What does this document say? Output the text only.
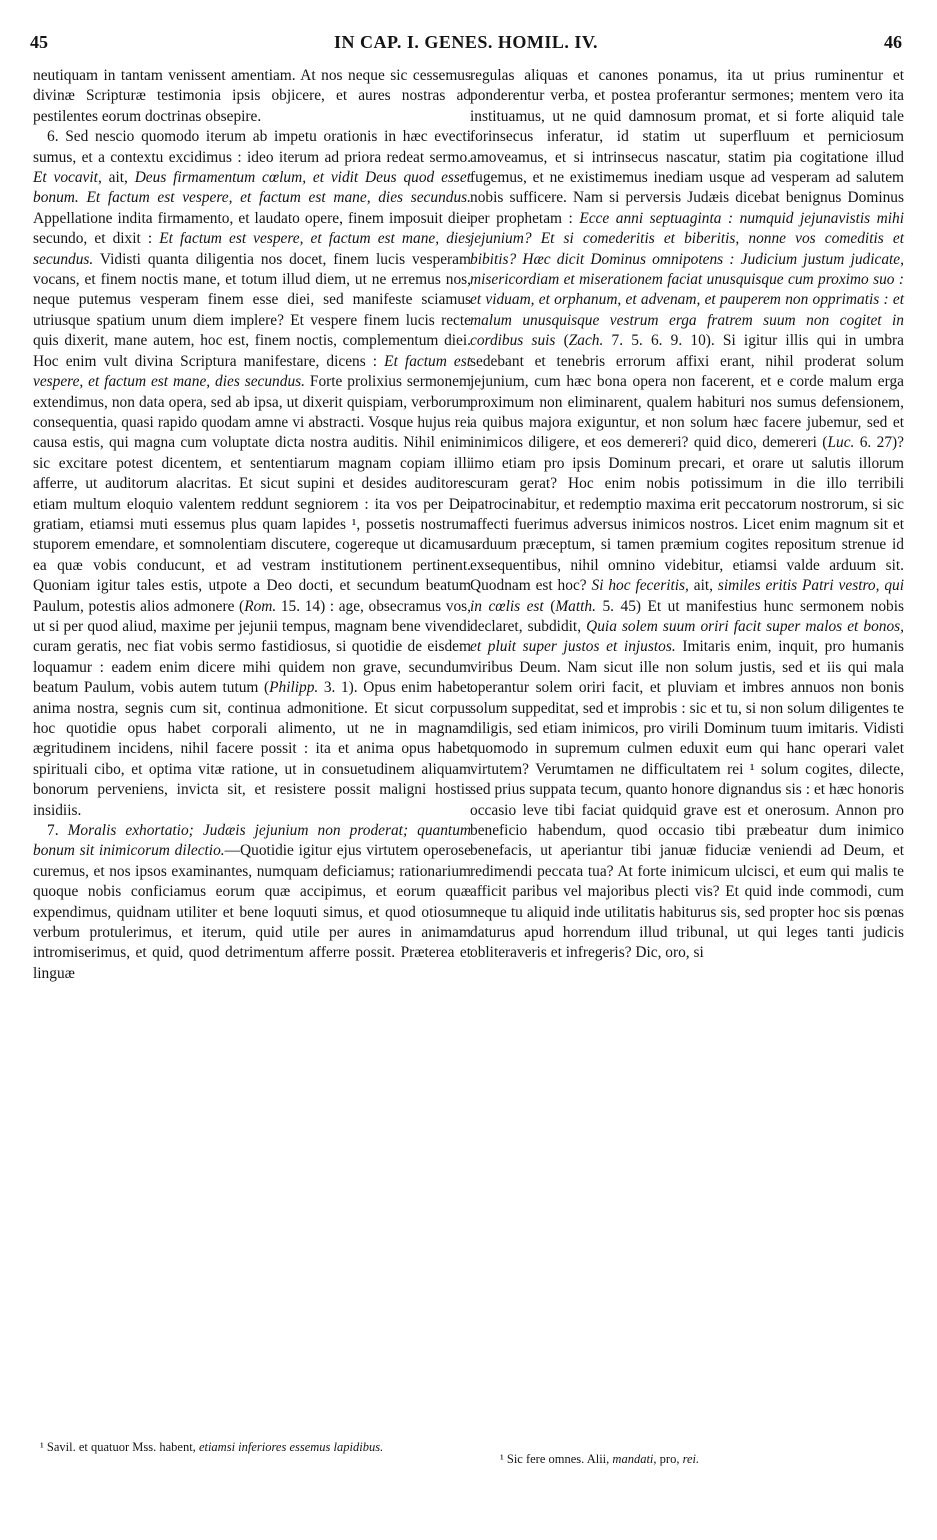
45	IN CAP. I. GENES. HOMIL. IV.	46

neutiquam in tantam venissent amentiam. At nos neque sic cessemus divinæ Scripturæ testimonia ipsis objicere, et aures nostras ad pestilentes eorum doctrinas obsepire.

6. Sed nescio quomodo iterum ab impetu orationis in hæc evecti sumus, et a contextu excidimus : ideo iterum ad priora redeat sermo. Et vocavit, ait, Deus firmamentum cœlum, et vidit Deus quod esset bonum. Et factum est vespere, et factum est mane, dies secundus. Appellatione indita firmamento, et laudato opere, finem imposuit diei secundo, et dixit : Et factum est vespere, et factum est mane, dies secundus. Vidisti quanta diligentia nos docet, finem lucis vesperam vocans, et finem noctis mane, et totum illud diem, ut ne erremus nos, neque putemus vesperam finem esse diei, sed manifeste sciamus utriusque spatium unum diem implere? Et vespere finem lucis recte quis dixerit, mane autem, hoc est, finem noctis, complementum diei. Hoc enim vult divina Scriptura manifestare, dicens : Et factum est vespere, et factum est mane, dies secundus. Forte prolixius sermonem extendimus, non data opera, sed ab ipsa, ut dixerit quispiam, verborum consequentia, quasi rapido quodam amne vi abstracti. Vosque hujus rei causa estis, qui magna cum voluptate dicta nostra auditis. Nihil enim sic excitare potest dicentem, et sententiarum magnam copiam illi afferre, ut auditorum alacritas. Et sicut supini et desides auditores etiam multum eloquio valentem reddunt segniorem : ita vos per Dei gratiam, etiamsi muti essemus plus quam lapides ¹, possetis nostrum stuporem emendare, et somnolentiam discutere, cogereque ut dicamus ea quæ vobis conducunt, et ad vestram institutionem pertinent. Quoniam igitur tales estis, utpote a Deo docti, et secundum beatum Paulum, potestis alios admonere (Rom. 15. 14) : age, obsecramus vos, ut si per quod aliud, maxime per jejunii tempus, magnam bene vivendi curam geratis, nec fiat vobis sermo fastidiosus, si quotidie de eisdem loquamur : eadem enim dicere mihi quidem non grave, secundum beatum Paulum, vobis autem tutum (Philipp. 3. 1). Opus enim habet anima nostra, segnis cum sit, continua admonitione. Et sicut corpus hoc quotidie opus habet corporali alimento, ut ne in magnam ægritudinem incidens, nihil facere possit : ita et anima opus habet spirituali cibo, et optima vitæ ratione, ut in consuetudinem aliquam bonorum perveniens, invicta sit, et resistere possit maligni hostis insidiis.

7. Moralis exhortatio; Judæis jejunium non proderat; quantum bonum sit inimicorum dilectio.—Quotidie igitur ejus virtutem operose curemus, et nos ipsos examinantes, numquam deficiamus; rationarium quoque nobis conficiamus eorum quæ accipimus, et eorum quæ expendimus, quidnam utiliter et bene loquuti simus, et quod otiosum verbum protulerimus, et iterum, quid utile per aures in animam intromiserimus, et quid, quod detrimentum afferre possit. Præterea et linguæ

regulas aliquas et canones ponamus, ita ut prius ruminentur et ponderentur verba, et postea proferantur sermones; mentem vero ita instituamus, ut ne quid damnosum promat, et si forte aliquid tale forinsecus inferatur, id statim ut superfluum et perniciosum amoveamus, et si intrinsecus nascatur, statim pia cogitatione illud fugemus, et ne existimemus inediam usque ad vesperam ad salutem nobis sufficere. Nam si perversis Judæis dicebat benignus Dominus per prophetam : Ecce anni septuaginta : numquid jejunavistis mihi jejunium? Et si comederitis et biberitis, nonne vos comeditis et bibitis? Hæc dicit Dominus omnipotens : Judicium justum judicate, misericordiam et miserationem faciat unusquisque cum proximo suo : et viduam, et orphanum, et advenam, et pauperem non opprimatis : et malum unusquisque vestrum erga fratrem suum non cogitet in cordibus suis (Zach. 7. 5. 6. 9. 10). Si igitur illis qui in umbra sedebant et tenebris errorum affixi erant, nihil proderat solum jejunium, cum hæc bona opera non facerent, et e corde malum erga proximum non eliminarent, qualem habituri nos sumus defensionem, a quibus majora exiguntur, et non solum hæc facere jubemur, sed et inimicos diligere, et eos demereri? quid dico, demereri (Luc. 6. 27)? imo etiam pro ipsis Dominum precari, et orare ut salutis illorum curam gerat? Hoc enim nobis potissimum in die illo terribili patrocinabitur, et redemptio maxima erit peccatorum nostrorum, si sic affecti fuerimus adversus inimicos nostros. Licet enim magnum sit et arduum præceptum, si tamen præmium cogites repositum strenue id exsequentibus, nihil omnino videbitur, etiamsi valde arduum sit. Quodnam est hoc? Si hoc feceritis, ait, similes eritis Patri vestro, qui in cœlis est (Matth. 5. 45) Et ut manifestius hunc sermonem nobis declaret, subdidit, Quia solem suum oriri facit super malos et bonos, et pluit super justos et injustos. Imitaris enim, inquit, pro humanis viribus Deum. Nam sicut ille non solum justis, sed et iis qui mala operantur solem oriri facit, et pluviam et imbres annuos non bonis solum suppeditat, sed et improbis : sic et tu, si non solum diligentes te diligis, sed etiam inimicos, pro virili Dominum tuum imitaris. Vidisti quomodo in supremum culmen eduxit eum qui hanc operari valet virtutem? Verumtamen ne difficultatem rei ¹ solum cogites, dilecte, sed prius suppata tecum, quanto honore dignandus sis : et hæc honoris occasio leve tibi faciat quidquid grave est et onerosum. Annon pro beneficio habendum, quod occasio tibi præbeatur dum inimico benefacis, ut aperiantur tibi januæ fiduciæ veniendi ad Deum, et redimendi peccata tua? At forte inimicum ulcisci, et eum qui malis te afficit paribus vel majoribus plecti vis? Et quid inde commodi, cum neque tu aliquid inde utilitatis habiturus sis, sed propter hoc sis pœnas daturus apud horrendum illud tribunal, ut qui leges tanti judicis obliteraveris et infregeris? Dic, oro, si

¹ Savil. et quatuor Mss. habent, etiamsi inferiores essemus lapidibus.
¹ Sic fere omnes. Alii, mandati, pro, rei.
